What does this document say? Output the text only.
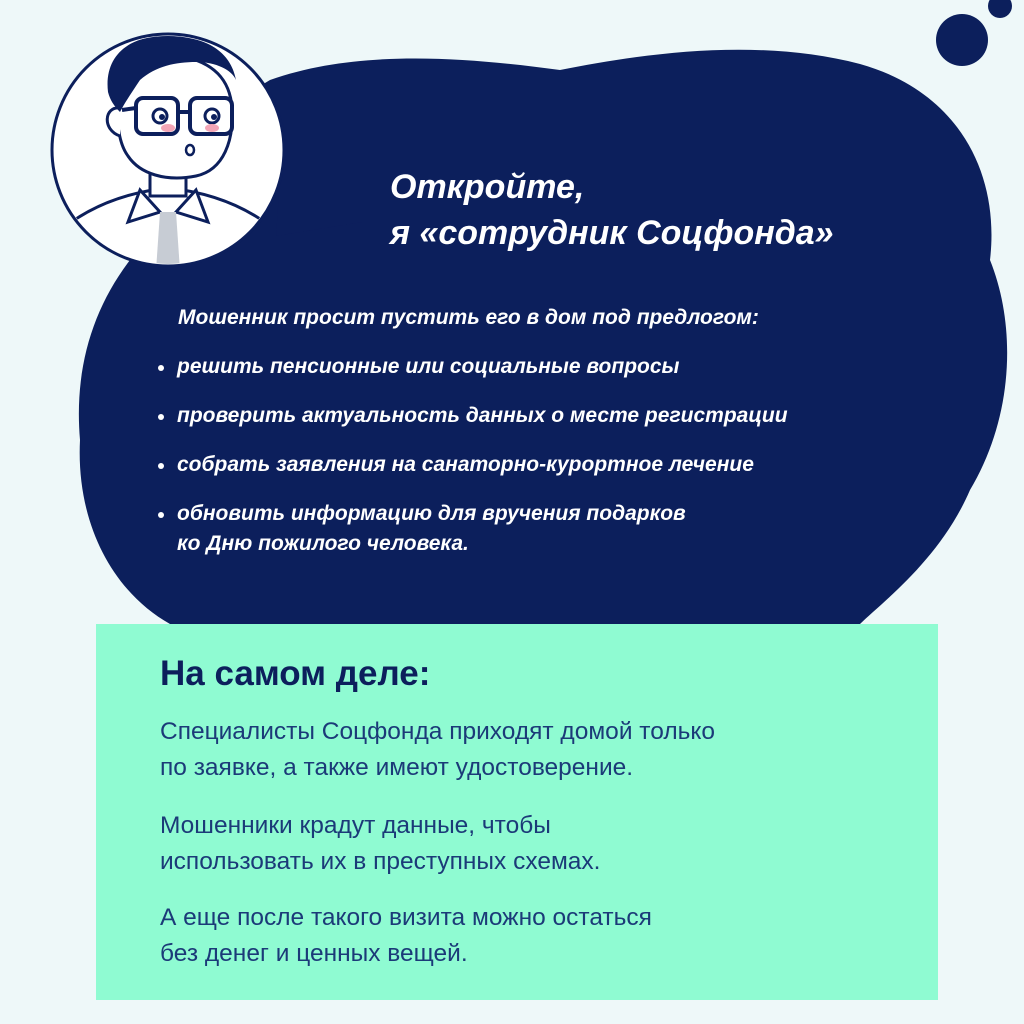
Откройте,
я «сотрудник Соцфонда»

Мошенник просит пустить его в дом под предлогом:

решить пенсионные или социальные вопросы
проверить актуальность данных о месте регистрации
собрать заявления на санаторно-курортное лечение
обновить информацию для вручения подарков
ко Дню пожилого человека.
На самом деле:

Специалисты Соцфонда приходят домой только
по заявке, а также имеют удостоверение.

Мошенники крадут данные, чтобы
использовать их в преступных схемах.

А еще после такого визита можно остаться
без денег и ценных вещей.
